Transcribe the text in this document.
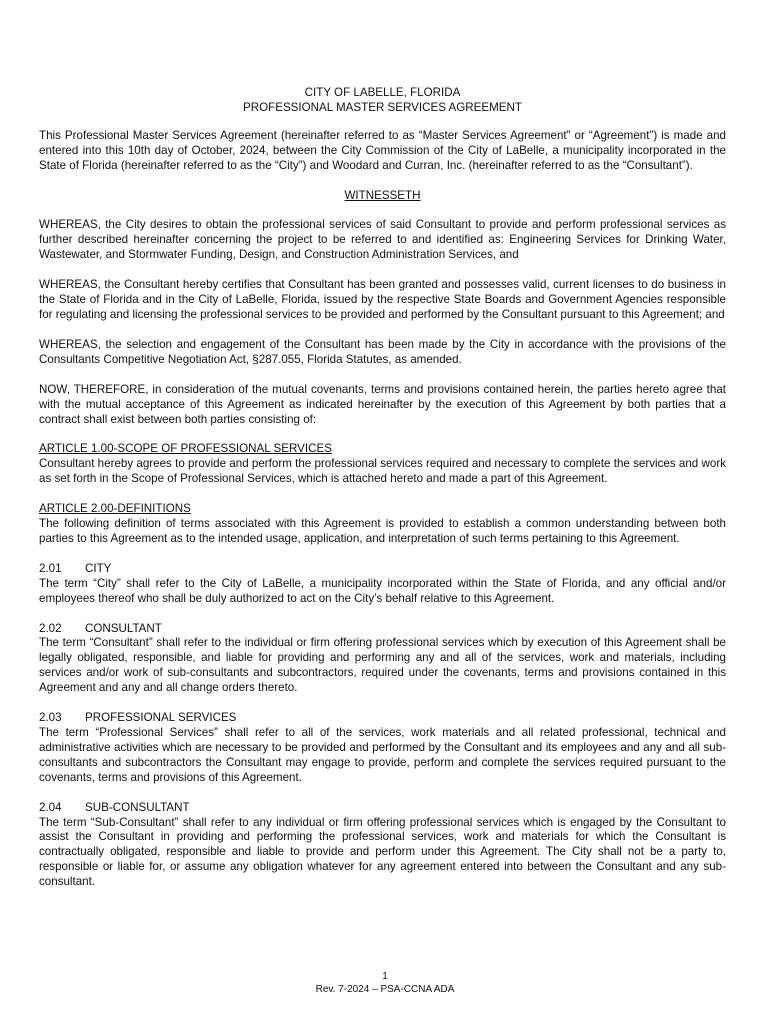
CITY OF LABELLE, FLORIDA
PROFESSIONAL MASTER SERVICES AGREEMENT

This Professional Master Services Agreement (hereinafter referred to as “Master Services Agreement” or “Agreement”) is made and entered into this 10th day of October, 2024, between the City Commission of the City of LaBelle, a municipality incorporated in the State of Florida (hereinafter referred to as the “City”) and Woodard and Curran, Inc. (hereinafter referred to as the “Consultant”).

WITNESSETH

WHEREAS, the City desires to obtain the professional services of said Consultant to provide and perform professional services as further described hereinafter concerning the project to be referred to and identified as: Engineering Services for Drinking Water, Wastewater, and Stormwater Funding, Design, and Construction Administration Services, and

WHEREAS, the Consultant hereby certifies that Consultant has been granted and possesses valid, current licenses to do business in the State of Florida and in the City of LaBelle, Florida, issued by the respective State Boards and Government Agencies responsible for regulating and licensing the professional services to be provided and performed by the Consultant pursuant to this Agreement; and

WHEREAS, the selection and engagement of the Consultant has been made by the City in accordance with the provisions of the Consultants Competitive Negotiation Act, §287.055, Florida Statutes, as amended.

NOW, THEREFORE, in consideration of the mutual covenants, terms and provisions contained herein, the parties hereto agree that with the mutual acceptance of this Agreement as indicated hereinafter by the execution of this Agreement by both parties that a contract shall exist between both parties consisting of:

ARTICLE 1.00-SCOPE OF PROFESSIONAL SERVICES

Consultant hereby agrees to provide and perform the professional services required and necessary to complete the services and work as set forth in the Scope of Professional Services, which is attached hereto and made a part of this Agreement.

ARTICLE 2.00-DEFINITIONS

The following definition of terms associated with this Agreement is provided to establish a common understanding between both parties to this Agreement as to the intended usage, application, and interpretation of such terms pertaining to this Agreement.

2.01	CITY

The term “City” shall refer to the City of LaBelle, a municipality incorporated within the State of Florida, and any official and/or employees thereof who shall be duly authorized to act on the City’s behalf relative to this Agreement.

2.02	CONSULTANT

The term “Consultant” shall refer to the individual or firm offering professional services which by execution of this Agreement shall be legally obligated, responsible, and liable for providing and performing any and all of the services, work and materials, including services and/or work of sub-consultants and subcontractors, required under the covenants, terms and provisions contained in this Agreement and any and all change orders thereto.

2.03	PROFESSIONAL SERVICES

The term “Professional Services” shall refer to all of the services, work materials and all related professional, technical and administrative activities which are necessary to be provided and performed by the Consultant and its employees and any and all sub-consultants and subcontractors the Consultant may engage to provide, perform and complete the services required pursuant to the covenants, terms and provisions of this Agreement.

2.04	SUB-CONSULTANT

The term “Sub-Consultant” shall refer to any individual or firm offering professional services which is engaged by the Consultant to assist the Consultant in providing and performing the professional services, work and materials for which the Consultant is contractually obligated, responsible and liable to provide and perform under this Agreement. The City shall not be a party to, responsible or liable for, or assume any obligation whatever for any agreement entered into between the Consultant and any sub-consultant.

1
Rev. 7-2024 – PSA-CCNA ADA
